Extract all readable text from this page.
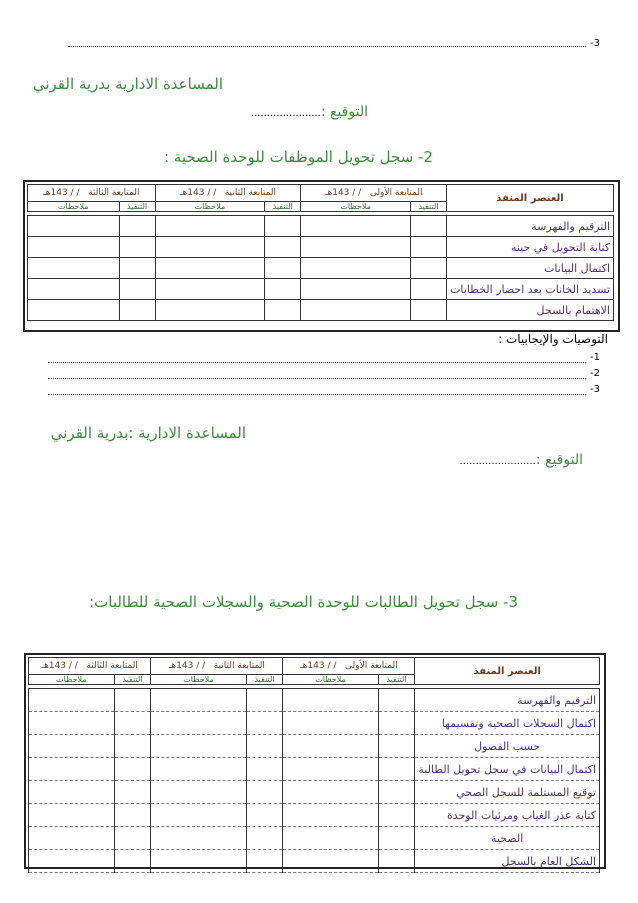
-3
المساعدة الادارية بدرية القرني
التوقيع :......................
2- سجل تحويل الموظفات للوحدة الصحية :
العنصر المنفذ	المتابعة الأولى   / / 143هـ		المتابعة الثانية   / / 143هـ		المتابعة الثالثة   / / 143هـ	
	التنفيذ	ملاحظات	التنفيذ	ملاحظات	التنفيذ	ملاحظات

الترقيم والفهرسة						
كتابة التحويل في حينه						
اكتمال البيانات						
تسديد الخانات بعد احضار الخطابات						
الاهتمام بالسجل						
التوصيات والإيجابيات :
-1
-2
-3
المساعدة الادارية :بدرية القرني
التوقيع :........................
3- سجل تحويل الطالبات للوحدة الصحية والسجلات الصحية للطالبات:
العنصر المنفذ	المتابعة الأولى   / / 143هـ		المتابعة الثانية   / / 143هـ		المتابعة الثالثة   / / 143هـ	
	التنفيذ	ملاحظات	التنفيذ	ملاحظات	التنفيذ	ملاحظات

الترقيم والفهرسة						
اكتمال السجلات الصحية وتقسيمها						
حسب الفصول						
اكتمال البيانات في سجل تحويل الطالبة						
توقيع المستلمة للسجل الصحي						
كتابة عذر الغياب ومرئيات الوحدة						
الصحية						
الشكل العام بالسجل						
